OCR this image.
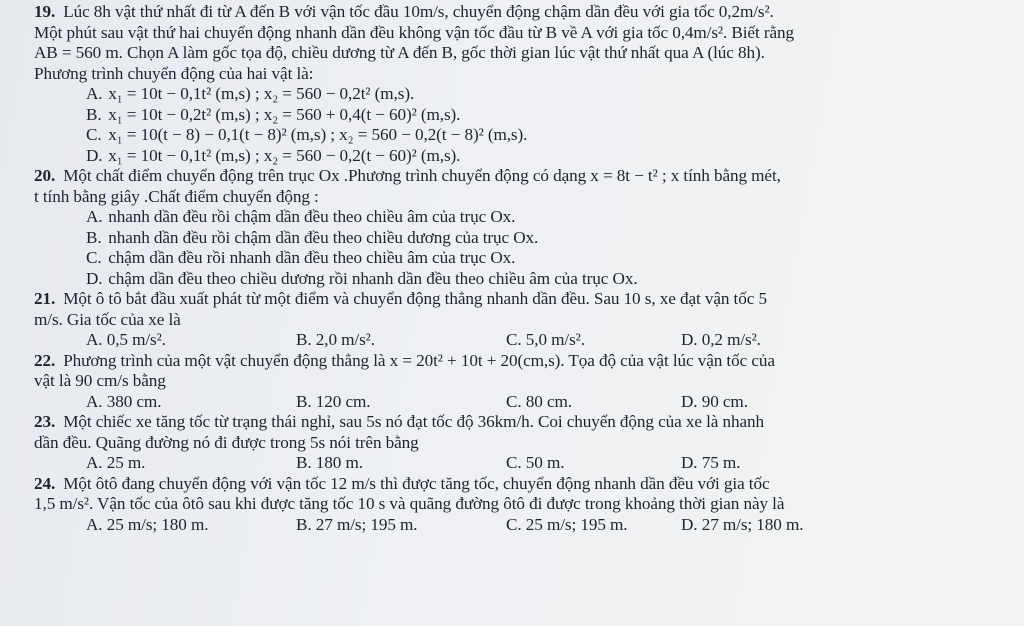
19. Lúc 8h vật thứ nhất đi từ A đến B với vận tốc đầu 10m/s, chuyển động chậm dần đều với gia tốc 0,2m/s².
Một phút sau vật thứ hai chuyển động nhanh dần đều không vận tốc đầu từ B về A với gia tốc 0,4m/s². Biết rằng
AB = 560 m. Chọn A làm gốc tọa độ, chiều dương từ A đến B, gốc thời gian lúc vật thứ nhất qua A (lúc 8h).
Phương trình chuyển động của hai vật là:
A. x₁ = 10t − 0,1t² (m,s) ; x₂ = 560 − 0,2t² (m,s).
B. x₁ = 10t − 0,2t² (m,s) ; x₂ = 560 + 0,4(t − 60)² (m,s).
C. x₁ = 10(t − 8) − 0,1(t − 8)² (m,s) ; x₂ = 560 − 0,2(t − 8)² (m,s).
D. x₁ = 10t − 0,1t² (m,s) ; x₂ = 560 − 0,2(t − 60)² (m,s).
20. Một chất điểm chuyển động trên trục Ox .Phương trình chuyển động có dạng x = 8t − t² ; x tính bằng mét,
t tính bằng giây .Chất điểm chuyển động :
A. nhanh dần đều rồi chậm dần đều theo chiều âm của trục Ox.
B. nhanh dần đều rồi chậm dần đều theo chiều dương của trục Ox.
C. chậm dần đều rồi nhanh dần đều theo chiều âm của trục Ox.
D. chậm dần đều theo chiều dương rồi nhanh dần đều theo chiều âm của trục Ox.
21. Một ô tô bắt đầu xuất phát từ một điểm và chuyển động thẳng nhanh dần đều. Sau 10 s, xe đạt vận tốc 5
m/s. Gia tốc của xe là
A. 0,5 m/s².	B. 2,0 m/s².	C. 5,0 m/s².	D. 0,2 m/s².
22. Phương trình của một vật chuyển động thẳng là x = 20t² + 10t + 20(cm,s). Tọa độ của vật lúc vận tốc của
vật là 90 cm/s bằng
A. 380 cm.	B. 120 cm.	C. 80 cm.	D. 90 cm.
23. Một chiếc xe tăng tốc từ trạng thái nghỉ, sau 5s nó đạt tốc độ 36km/h. Coi chuyển động của xe là nhanh
dần đều. Quãng đường nó đi được trong 5s nói trên bằng
A. 25 m.	B. 180 m.	C. 50 m.	D. 75 m.
24. Một ôtô đang chuyển động với vận tốc 12 m/s thì được tăng tốc, chuyển động nhanh dần đều với gia tốc
1,5 m/s². Vận tốc của ôtô sau khi được tăng tốc 10 s và quãng đường ôtô đi được trong khoảng thời gian này là
A. 25 m/s; 180 m.	B. 27 m/s; 195 m.	C. 25 m/s; 195 m.	D. 27 m/s; 180 m.
